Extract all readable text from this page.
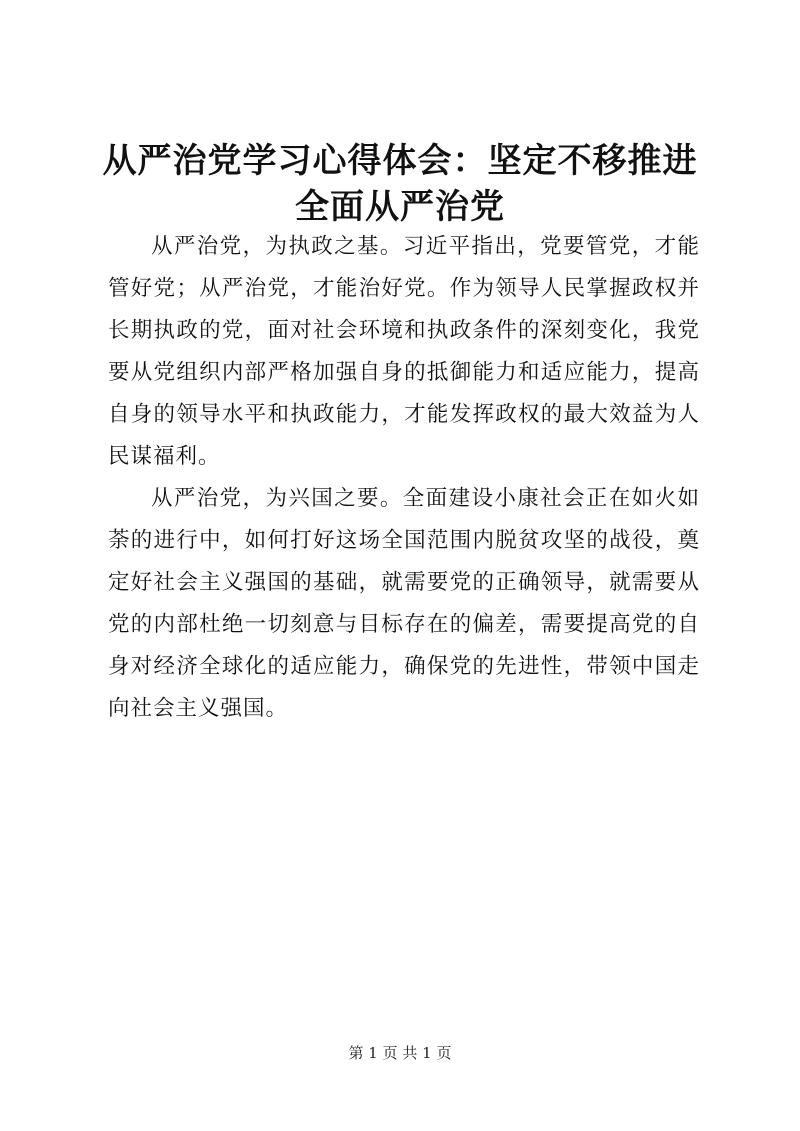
从严治党学习心得体会：坚定不移推进全面从严治党

从严治党，为执政之基。习近平指出，党要管党，才能管好党；从严治党，才能治好党。作为领导人民掌握政权并长期执政的党，面对社会环境和执政条件的深刻变化，我党要从党组织内部严格加强自身的抵御能力和适应能力，提高自身的领导水平和执政能力，才能发挥政权的最大效益为人民谋福利。

从严治党，为兴国之要。全面建设小康社会正在如火如荼的进行中，如何打好这场全国范围内脱贫攻坚的战役，奠定好社会主义强国的基础，就需要党的正确领导，就需要从党的内部杜绝一切刻意与目标存在的偏差，需要提高党的自身对经济全球化的适应能力，确保党的先进性，带领中国走向社会主义强国。

第 1 页 共 1 页
